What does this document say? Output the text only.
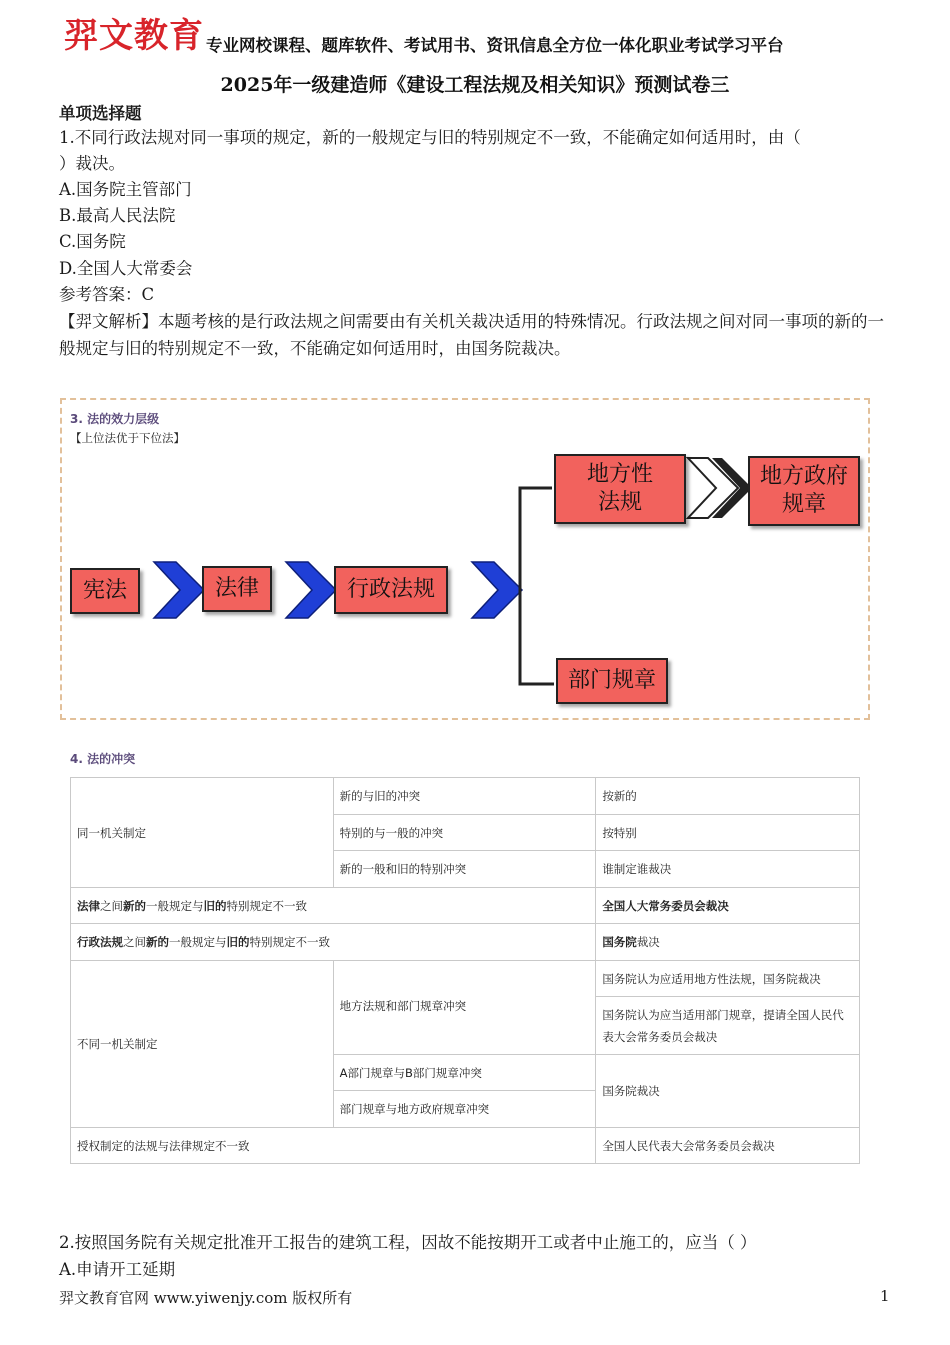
羿文教育 专业网校课程、题库软件、考试用书、资讯信息全方位一体化职业考试学习平台
2025年一级建造师《建设工程法规及相关知识》预测试卷三
单项选择题
1.不同行政法规对同一事项的规定，新的一般规定与旧的特别规定不一致，不能确定如何适用时，由（
）裁决。
A.国务院主管部门
B.最高人民法院
C.国务院
D.全国人大常委会
参考答案：C
【羿文解析】本题考核的是行政法规之间需要由有关机关裁决适用的特殊情况。行政法规之间对同一事项的新的一般规定与旧的特别规定不一致，不能确定如何适用时，由国务院裁决。
3. 法的效力层级
【上位法优于下位法】
宪法	法律	行政法规
地方性
法规
地方政府
规章
部门规章
4. 法的冲突
同一机关制定	新的与旧的冲突	按新的
	特别的与一般的冲突	按特别
	新的一般和旧的特别冲突	谁制定谁裁决
法律之间新的一般规定与旧的特别规定不一致		全国人大常务委员会裁决
行政法规之间新的一般规定与旧的特别规定不一致		国务院裁决
不同一机关制定	地方法规和部门规章冲突	国务院认为应适用地方性法规，国务院裁决
		国务院认为应当适用部门规章，提请全国人民代表大会常务委员会裁决
	A部门规章与B部门规章冲突	国务院裁决
	部门规章与地方政府规章冲突	
授权制定的法规与法律规定不一致		全国人民代表大会常务委员会裁决
2.按照国务院有关规定批准开工报告的建筑工程，因故不能按期开工或者中止施工的，应当（ ）
A.申请开工延期
羿文教育官网 www.yiwenjy.com 版权所有	1
